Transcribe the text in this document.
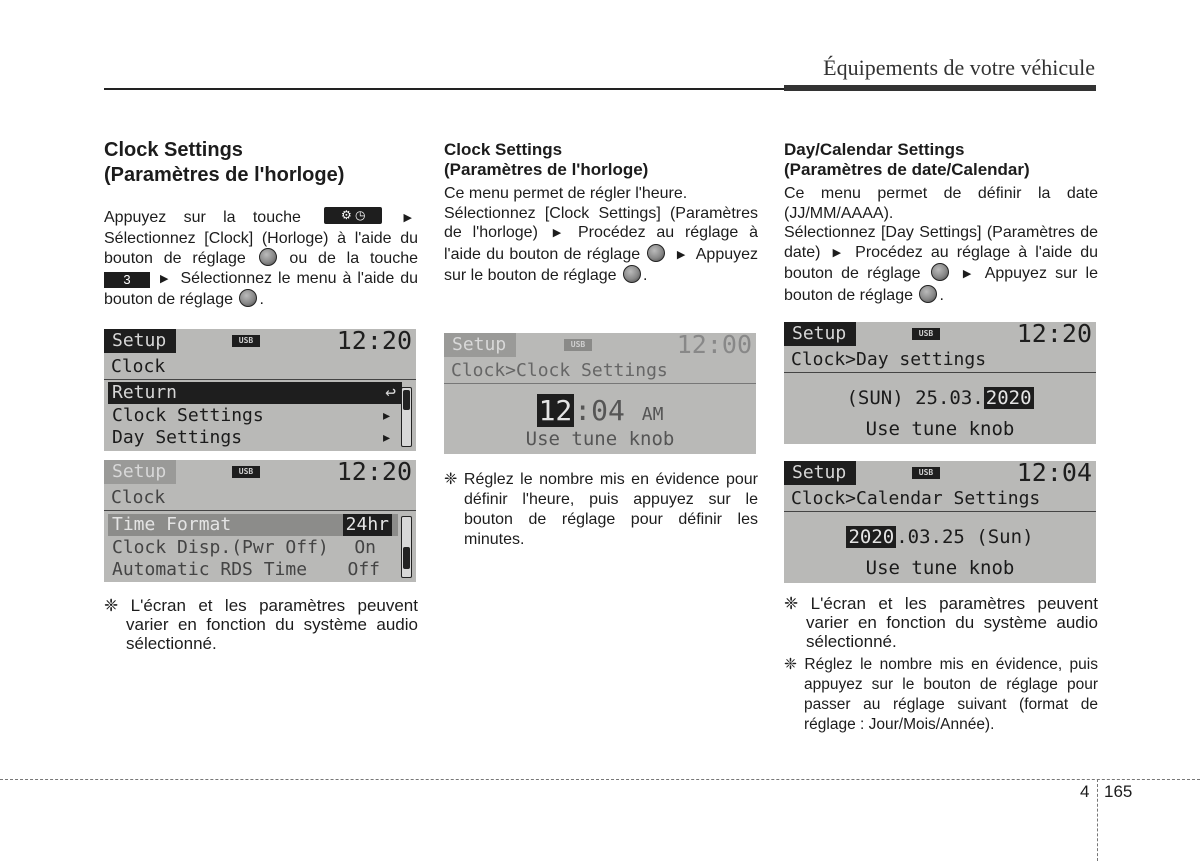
Équipements de votre véhicule
Clock Settings
(Paramètres de l'horloge)
Appuyez sur la touche	⚙ ◷	▶ Sélectionnez [Clock] (Horloge) à l'aide du bouton de réglage	ou de la touche 3	▶ Sélectionnez le menu à l'aide du bouton de réglage .
Setup	USB	12:20
Clock
Return	↩
Clock Settings	▸
Day Settings	▸
Setup	USB	12:20
Clock
Time Format	24hr
Clock Disp.(Pwr Off) On
Automatic RDS Time Off
❈ L'écran et les paramètres peuvent varier en fonction du système audio sélectionné.
Clock Settings
(Paramètres de l'horloge)
Ce menu permet de régler l'heure.
Sélectionnez [Clock Settings] (Paramètres de l'horloge) ▶ Procédez au réglage à l'aide du bouton de réglage	▶ Appuyez sur le bouton de réglage .
Setup	USB	12:00
Clock>Clock Settings
12:04 AM
Use tune knob
❈ Réglez le nombre mis en évidence pour définir l'heure, puis appuyez sur le bouton de réglage pour définir les minutes.
Day/Calendar Settings
(Paramètres de date/Calendar)
Ce menu permet de définir la date (JJ/MM/AAAA).
Sélectionnez [Day Settings] (Paramètres de date) ▶ Procédez au réglage à l'aide du bouton de réglage	▶ Appuyez sur le bouton de réglage .
Setup	USB	12:20
Clock>Day settings
(SUN) 25.03. 2020
Use tune knob
Setup	USB	12:04
Clock>Calendar Settings
2020 .03.25 (Sun)
Use tune knob
❈ L'écran et les paramètres peuvent varier en fonction du système audio sélectionné.
❈ Réglez le nombre mis en évidence, puis appuyez sur le bouton de réglage pour passer au réglage suivant (format de réglage : Jour/Mois/Année).
4 165
